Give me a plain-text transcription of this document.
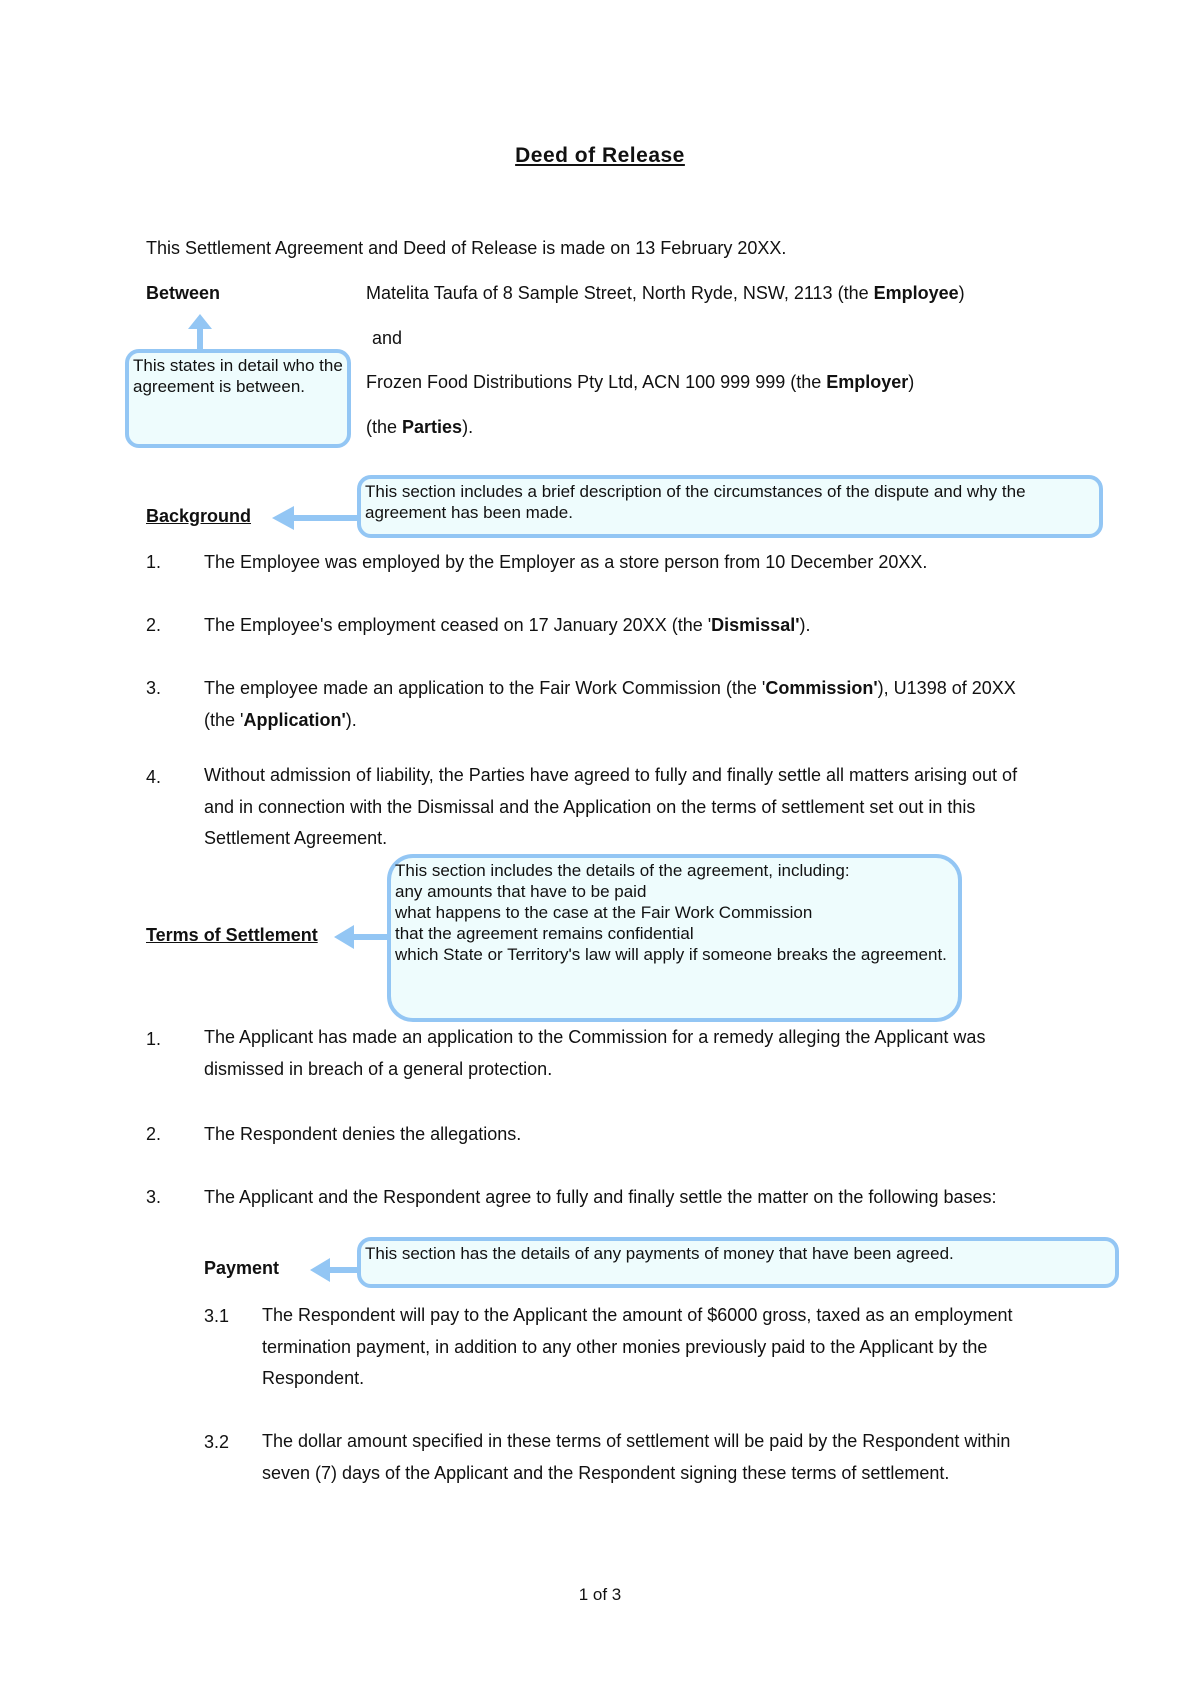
Deed of Release
This Settlement Agreement and Deed of Release is made on 13 February 20XX.
Between	Matelita Taufa of 8 Sample Street, North Ryde, NSW, 2113 (the Employee)
and
Frozen Food Distributions Pty Ltd, ACN 100 999 999 (the Employer)
(the Parties).
This states in detail who the agreement is between.
Background
This section includes a brief description of the circumstances of the dispute and why the agreement has been made.
1. The Employee was employed by the Employer as a store person from 10 December 20XX.
2. The Employee's employment ceased on 17 January 20XX (the 'Dismissal').
3. The employee made an application to the Fair Work Commission (the 'Commission'), U1398 of 20XX (the 'Application').
4. Without admission of liability, the Parties have agreed to fully and finally settle all matters arising out of and in connection with the Dismissal and the Application on the terms of settlement set out in this Settlement Agreement.
Terms of Settlement
This section includes the details of the agreement, including:
any amounts that have to be paid
what happens to the case at the Fair Work Commission
that the agreement remains confidential
which State or Territory's law will apply if someone breaks the agreement.
1. The Applicant has made an application to the Commission for a remedy alleging the Applicant was dismissed in breach of a general protection.
2. The Respondent denies the allegations.
3. The Applicant and the Respondent agree to fully and finally settle the matter on the following bases:
Payment
This section has the details of any payments of money that have been agreed.
3.1 The Respondent will pay to the Applicant the amount of $6000 gross, taxed as an employment termination payment, in addition to any other monies previously paid to the Applicant by the Respondent.
3.2 The dollar amount specified in these terms of settlement will be paid by the Respondent within seven (7) days of the Applicant and the Respondent signing these terms of settlement.
1 of 3
